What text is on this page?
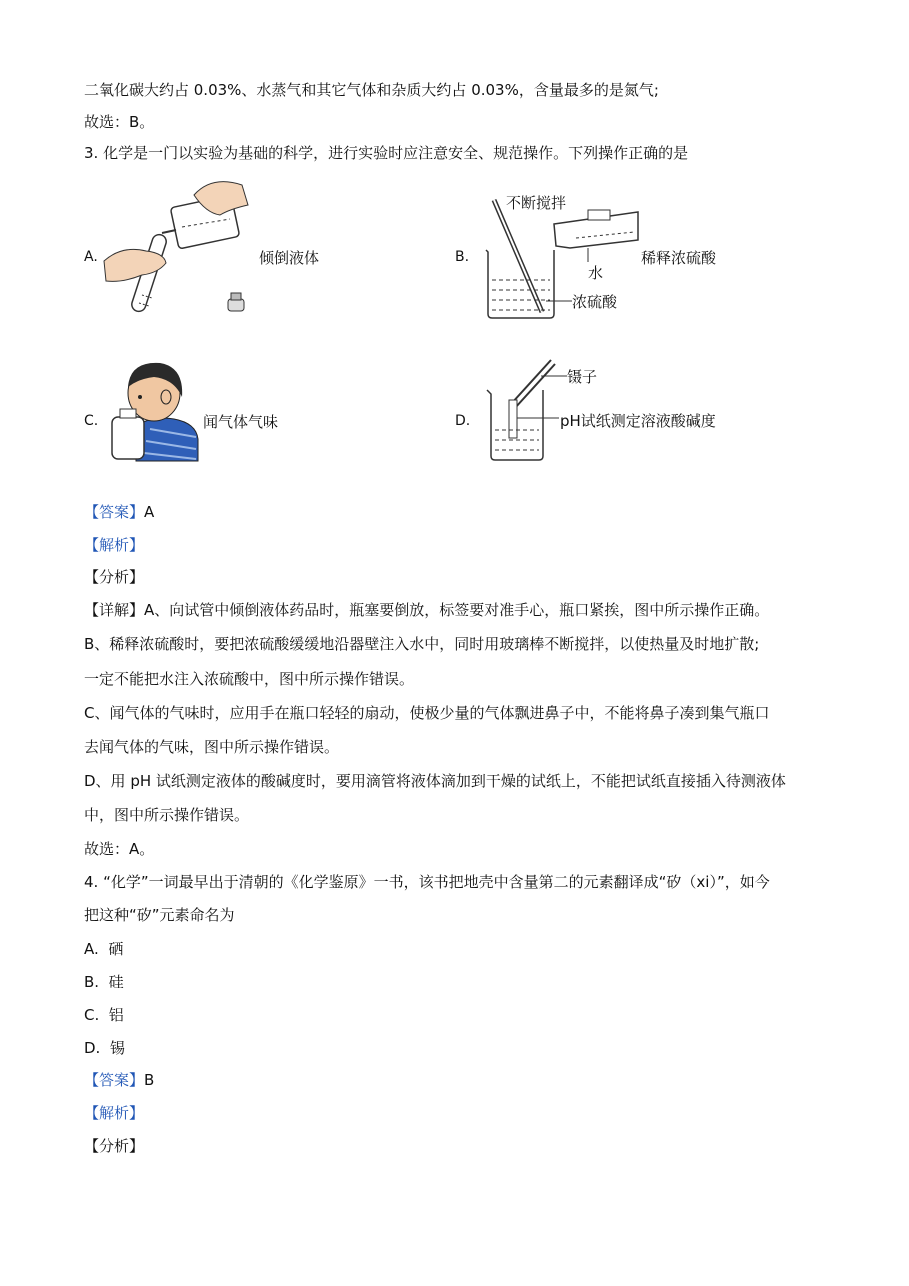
二氧化碳大约占 0.03%、水蒸气和其它气体和杂质大约占 0.03%，含量最多的是氮气;
故选：B。
3. 化学是一门以实验为基础的科学，进行实验时应注意安全、规范操作。下列操作正确的是
A.	倾倒液体	B.
不断搅拌
水
浓硫酸
稀释浓硫酸
C.	闻气体气味	D.
镊子
pH试纸测定溶液酸碱度
【答案】A
【解析】
【分析】
【详解】A、向试管中倾倒液体药品时，瓶塞要倒放，标签要对准手心，瓶口紧挨，图中所示操作正确。
B、稀释浓硫酸时，要把浓硫酸缓缓地沿器壁注入水中，同时用玻璃棒不断搅拌，以使热量及时地扩散;
一定不能把水注入浓硫酸中，图中所示操作错误。
C、闻气体的气味时，应用手在瓶口轻轻的扇动，使极少量的气体飘进鼻子中，不能将鼻子凑到集气瓶口
去闻气体的气味，图中所示操作错误。
D、用 pH 试纸测定液体的酸碱度时，要用滴管将液体滴加到干燥的试纸上，不能把试纸直接插入待测液体
中，图中所示操作错误。
故选：A。
4. “化学”一词最早出于清朝的《化学鉴原》一书，该书把地壳中含量第二的元素翻译成“矽（xi）”，如今
把这种“矽”元素命名为
A. 硒
B. 硅
C. 铝
D. 锡
【答案】B
【解析】
【分析】
